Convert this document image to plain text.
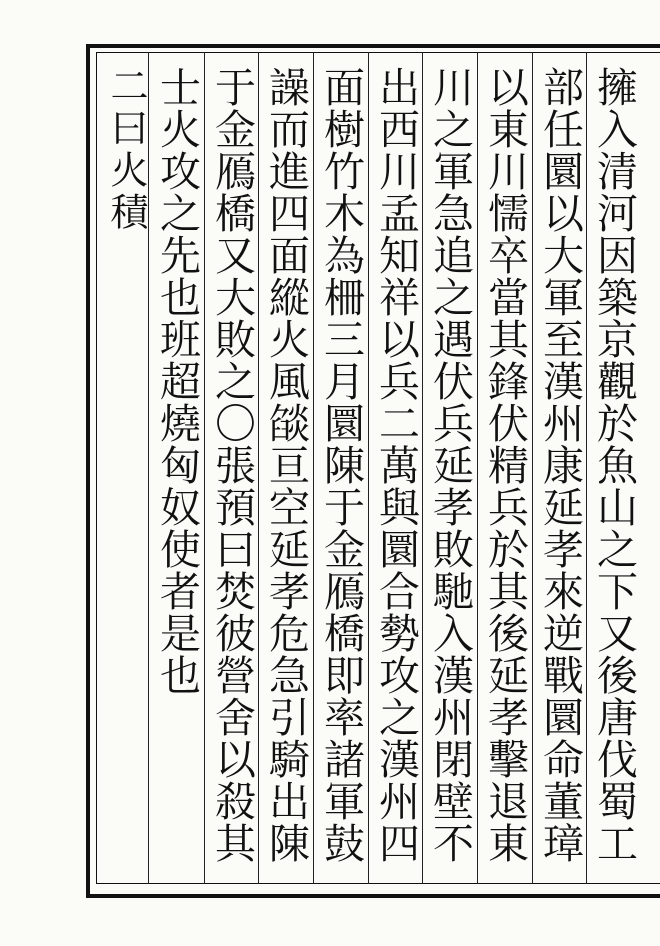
擁入清河因築京觀於魚山之下又後唐伐蜀工
部任圜以大軍至漢州康延孝來逆戰圜命董璋
以東川懦卒當其鋒伏精兵於其後延孝擊退東
川之軍急追之遇伏兵延孝敗馳入漢州閉壁不
出西川孟知祥以兵二萬與圜合勢攻之漢州四
面樹竹木為柵三月圜陳于金鴈橋即率諸軍鼓
譟而進四面縱火風燄亘空延孝危急引騎出陳
于金鴈橋又大敗之〇張預曰焚彼營舍以殺其
士火攻之先也班超燒匈奴使者是也
二曰火積
